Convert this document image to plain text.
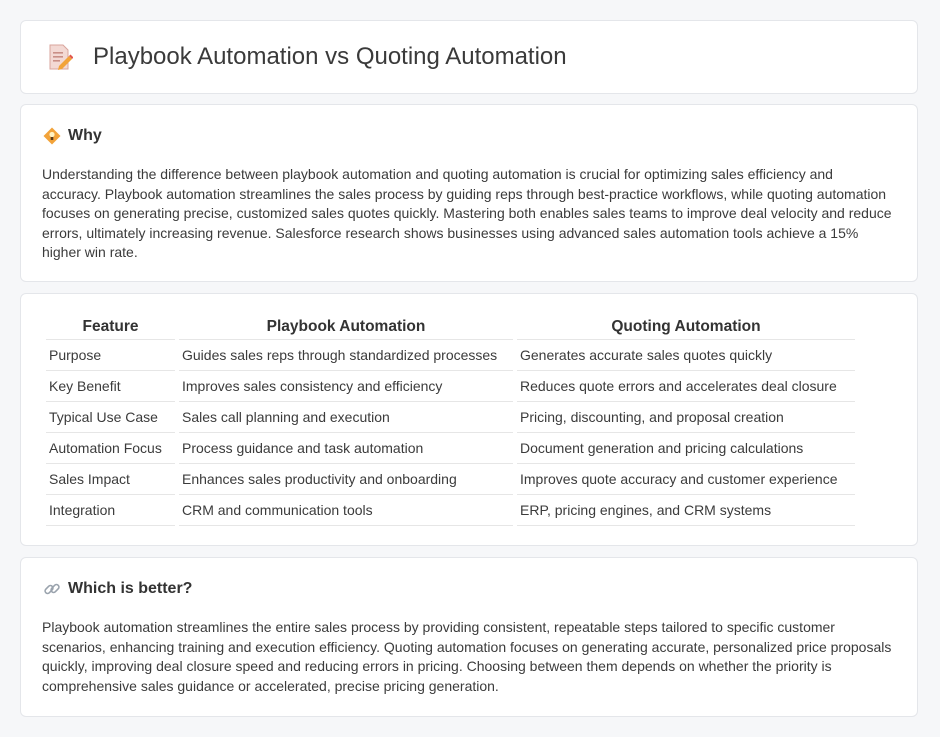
Playbook Automation vs Quoting Automation
Why

Understanding the difference between playbook automation and quoting automation is crucial for optimizing sales efficiency and accuracy. Playbook automation streamlines the sales process by guiding reps through best-practice workflows, while quoting automation focuses on generating precise, customized sales quotes quickly. Mastering both enables sales teams to improve deal velocity and reduce errors, ultimately increasing revenue. Salesforce research shows businesses using advanced sales automation tools achieve a 15% higher win rate.

Feature	Playbook Automation	Quoting Automation
Purpose	Guides sales reps through standardized processes	Generates accurate sales quotes quickly
Key Benefit	Improves sales consistency and efficiency	Reduces quote errors and accelerates deal closure
Typical Use Case	Sales call planning and execution	Pricing, discounting, and proposal creation
Automation Focus	Process guidance and task automation	Document generation and pricing calculations
Sales Impact	Enhances sales productivity and onboarding	Improves quote accuracy and customer experience
Integration	CRM and communication tools	ERP, pricing engines, and CRM systems
Which is better?

Playbook automation streamlines the entire sales process by providing consistent, repeatable steps tailored to specific customer scenarios, enhancing training and execution efficiency. Quoting automation focuses on generating accurate, personalized price proposals quickly, improving deal closure speed and reducing errors in pricing. Choosing between them depends on whether the priority is comprehensive sales guidance or accelerated, precise pricing generation.
